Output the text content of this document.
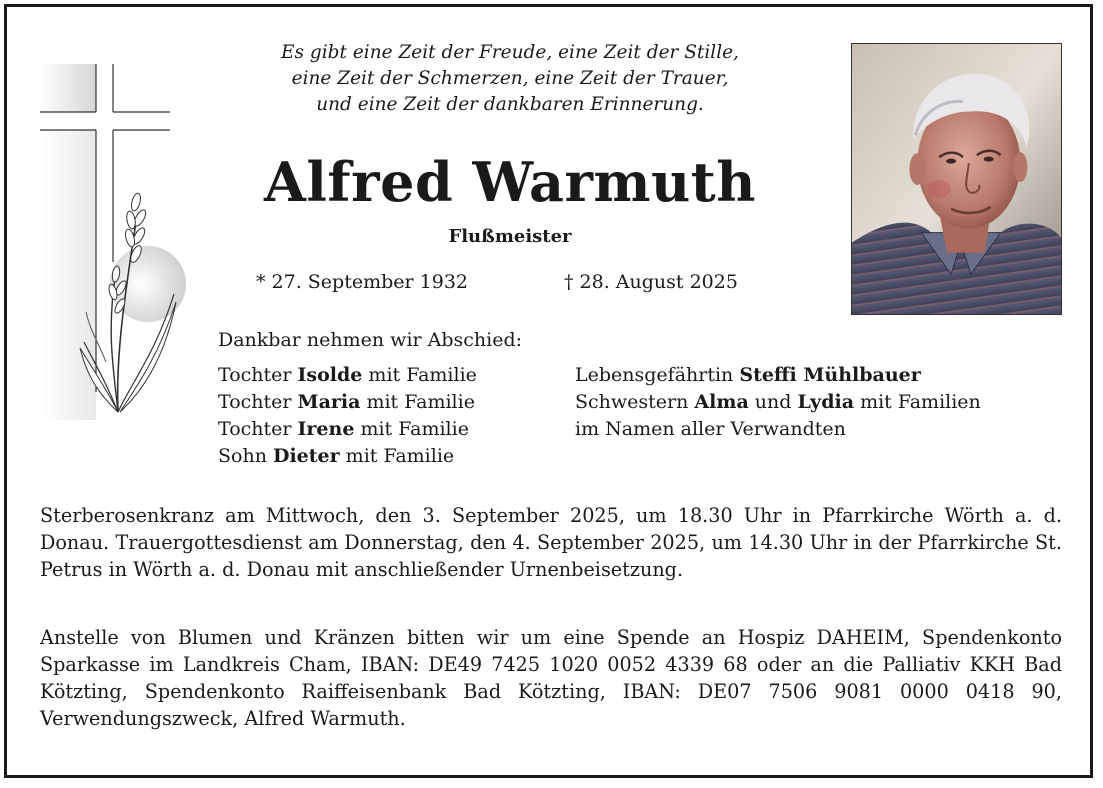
Es gibt eine Zeit der Freude, eine Zeit der Stille,
eine Zeit der Schmerzen, eine Zeit der Trauer,
und eine Zeit der dankbaren Erinnerung.
Alfred Warmuth
Flußmeister
* 27. September 1932	† 28. August 2025
Dankbar nehmen wir Abschied:
Tochter Isolde mit Familie
Tochter Maria mit Familie
Tochter Irene mit Familie
Sohn Dieter mit Familie
Lebensgefährtin Steffi Mühlbauer
Schwestern Alma und Lydia mit Familien
im Namen aller Verwandten
Sterberosenkranz am Mittwoch, den 3. September 2025, um 18.30 Uhr in Pfarrkirche Wörth a. d. Donau. Trauergottesdienst am Donnerstag, den 4. September 2025, um 14.30 Uhr in der Pfarrkirche St. Petrus in Wörth a. d. Donau mit anschließender Urnenbeisetzung.
Anstelle von Blumen und Kränzen bitten wir um eine Spende an Hospiz DAHEIM, Spendenkonto Sparkasse im Landkreis Cham, IBAN: DE49 7425 1020 0052 4339 68 oder an die Palliativ KKH Bad Kötzting, Spendenkonto Raiffeisenbank Bad Kötzting, IBAN: DE07 7506 9081 0000 0418 90, Verwendungszweck, Alfred Warmuth.
